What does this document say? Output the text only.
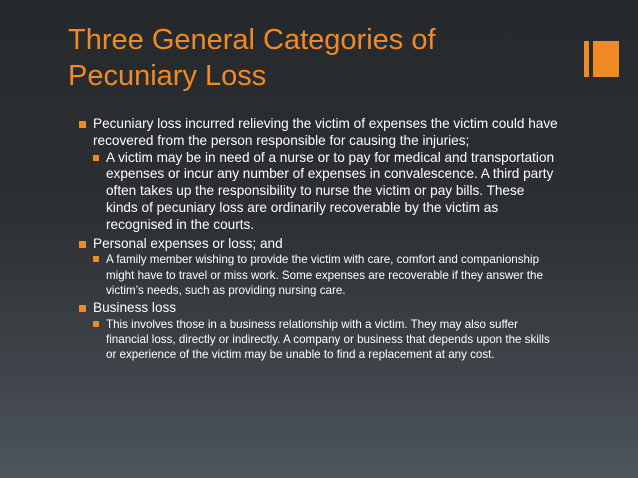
Three General Categories of Pecuniary Loss

Pecuniary loss incurred relieving the victim of expenses the victim could have recovered from the person responsible for causing the injuries;

A victim may be in need of a nurse or to pay for medical and transportation expenses or incur any number of expenses in convalescence. A third party often takes up the responsibility to nurse the victim or pay bills. These kinds of pecuniary loss are ordinarily recoverable by the victim as recognised in the courts.

Personal expenses or loss; and

A family member wishing to provide the victim with care, comfort and companionship might have to travel or miss work. Some expenses are recoverable if they answer the victim’s needs, such as providing nursing care.

Business loss

This involves those in a business relationship with a victim. They may also suffer financial loss, directly or indirectly. A company or business that depends upon the skills or experience of the victim may be unable to find a replacement at any cost.
